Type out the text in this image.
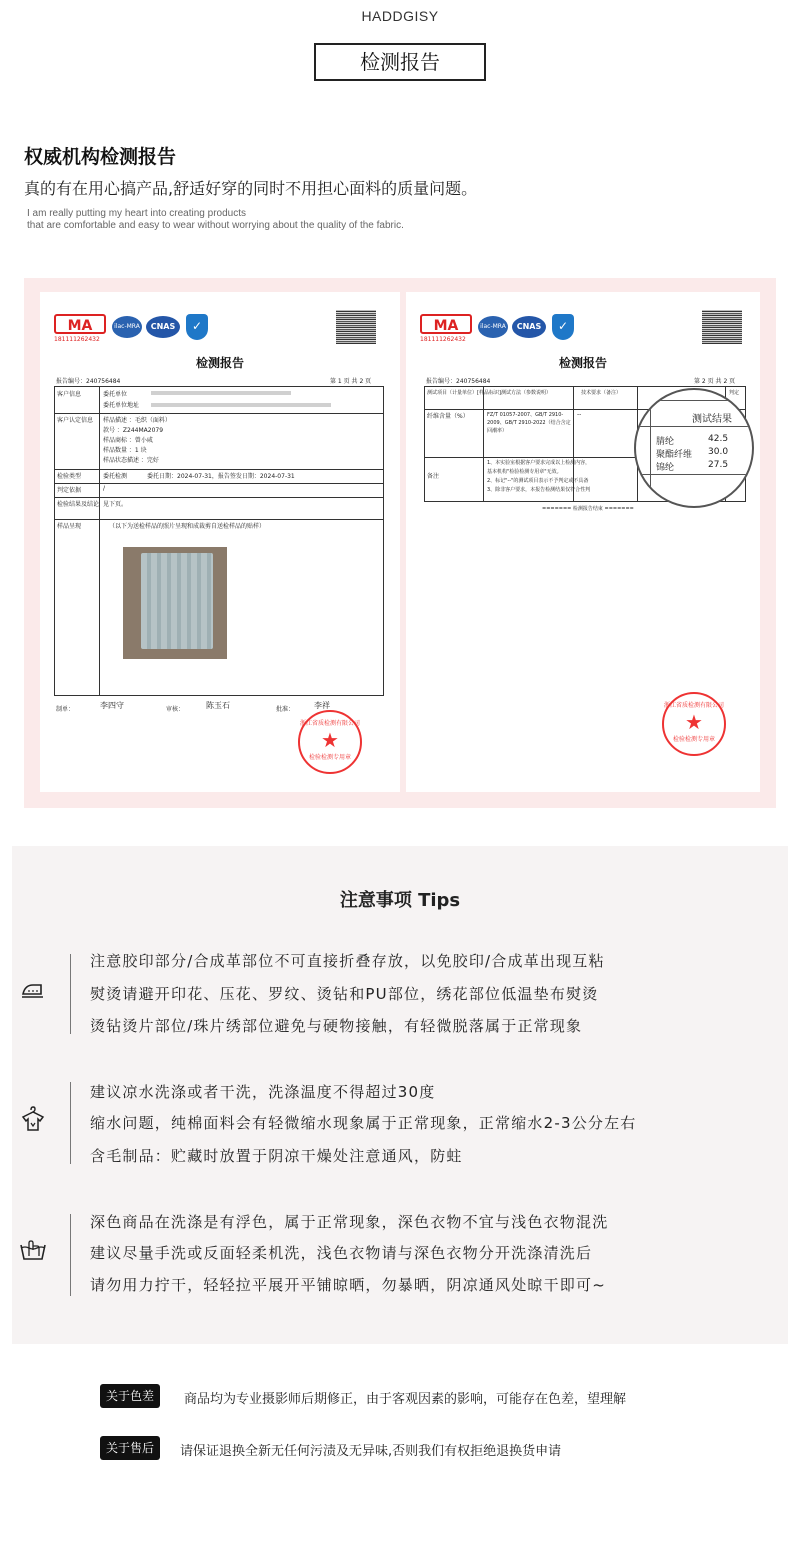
HADDGISY
检测报告
权威机构检测报告
真的有在用心搞产品,舒适好穿的同时不用担心面料的质量问题。
I am really putting my heart into creating products
that are comfortable and easy to wear without worrying about the quality of the fabric.
MA
181111262432
ilac-MRA	CNAS	✓
检测报告
报告编号：240756484	第 1 页 共 2 页
客户信息	委托单位
委托单位地址
客户认定信息 样品描述 ：毛织（面料）
款号 ：Z244MA2079
样品商标 ：曾小咸
样品数量 ：1 块
样品状态描述 ：完好
检验类型	委托检测	委托日期：2024-07-31，报告签发日期：2024-07-31
判定依据	/
检验结果及结论 见下页。
样品呈现	（以下为送检样品的照片呈现和成裁剪自送检样品的贴样）
制单：	李四守	审核：	陈玉石	批准： 李祥
浙江省质检测有限公司
★
检验检测专用章
MA
181111262432
ilac-MRA	CNAS	✓
检测报告
报告编号：240756484	第 2 页 共 2 页
测试项目（计量单位）[样品标识] 测试方法（参数说明）	技术要求（备注）	判定
纤维含量（%）	FZ/T 01057-2007、GB/T 2910-2009、GB/T 2910-2022（结合含定回潮率）
--
备注
1、本实验室根据客户要求完成以上检测内容，
基本机构"检验检测专用章"无效。
2、标记"--"的测试项目表示不予判定或不具备
3、除非客户要求，本报告检测结果仅符合性判
======= 检测报告结束 =======
测试结果
腈纶	42.5
聚酯纤维 30.0
锦纶	27.5
浙江省质检测有限公司
★
检验检测专用章
注意事项 Tips
注意胶印部分/合成革部位不可直接折叠存放，以免胶印/合成革出现互粘
熨烫请避开印花、压花、罗纹、烫钻和PU部位，绣花部位低温垫布熨烫
烫钻烫片部位/珠片绣部位避免与硬物接触，有轻微脱落属于正常现象
建议凉水洗涤或者干洗，洗涤温度不得超过30度
缩水问题，纯棉面料会有轻微缩水现象属于正常现象，正常缩水2-3公分左右
含毛制品：贮藏时放置于阴凉干燥处注意通风，防蛀
深色商品在洗涤是有浮色，属于正常现象，深色衣物不宜与浅色衣物混洗
建议尽量手洗或反面轻柔机洗，浅色衣物请与深色衣物分开洗涤清洗后
请勿用力拧干，轻轻拉平展开平铺晾晒，勿暴晒，阴凉通风处晾干即可~
关于色差	商品均为专业摄影师后期修正，由于客观因素的影响，可能存在色差，望理解
关于售后	请保证退换全新无任何污渍及无异味,否则我们有权拒绝退换货申请
